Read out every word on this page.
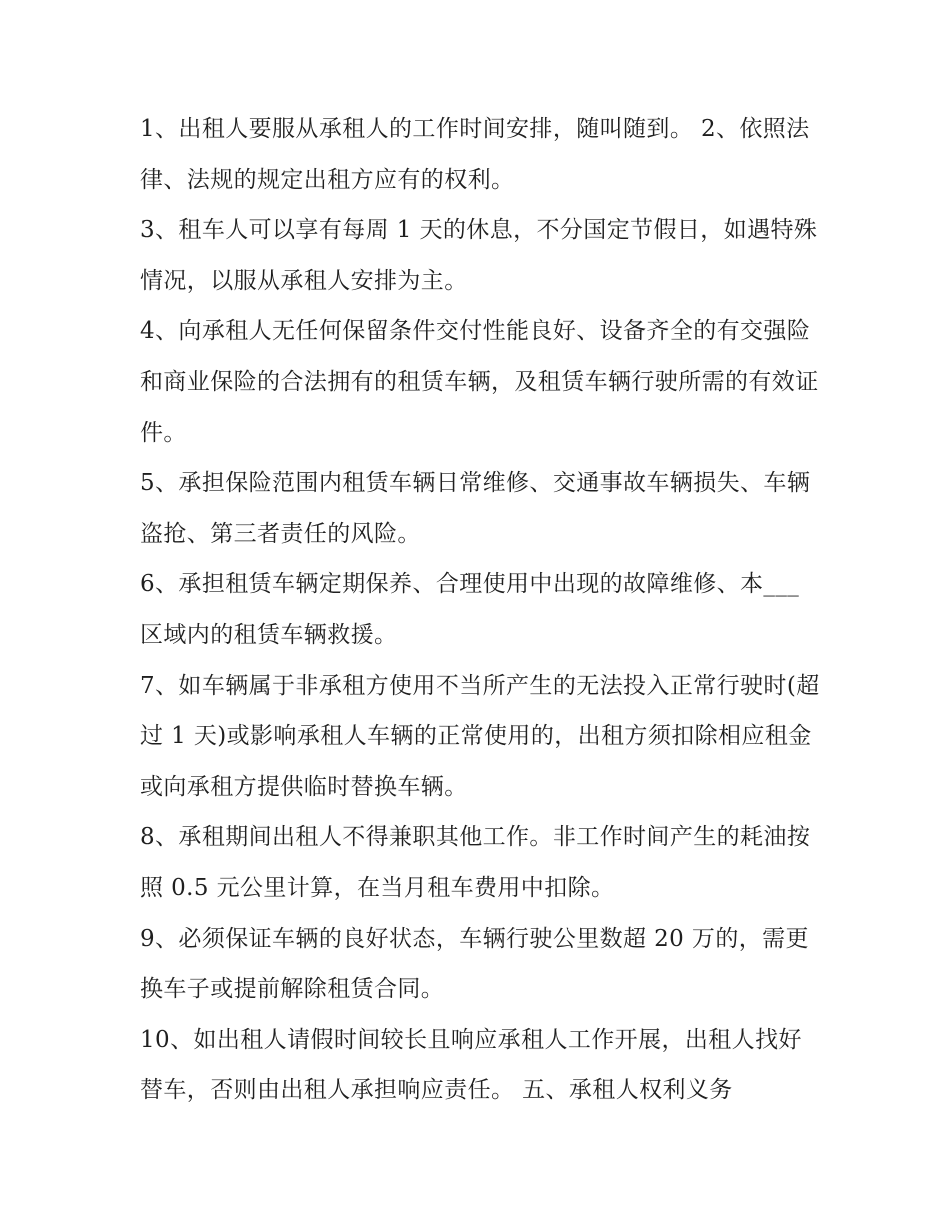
1、出租人要服从承租人的工作时间安排，随叫随到。 2、依照法律、法规的规定出租方应有的权利。

3、租车人可以享有每周 1 天的休息，不分国定节假日，如遇特殊情况，以服从承租人安排为主。

4、向承租人无任何保留条件交付性能良好、设备齐全的有交强险和商业保险的合法拥有的租赁车辆，及租赁车辆行驶所需的有效证件。

5、承担保险范围内租赁车辆日常维修、交通事故车辆损失、车辆盗抢、第三者责任的风险。

6、承担租赁车辆定期保养、合理使用中出现的故障维修、本___区域内的租赁车辆救援。

7、如车辆属于非承租方使用不当所产生的无法投入正常行驶时(超过 1 天)或影响承租人车辆的正常使用的，出租方须扣除相应租金或向承租方提供临时替换车辆。

8、承租期间出租人不得兼职其他工作。非工作时间产生的耗油按照 0.5 元公里计算，在当月租车费用中扣除。

9、必须保证车辆的良好状态，车辆行驶公里数超 20 万的，需更换车子或提前解除租赁合同。

10、如出租人请假时间较长且响应承租人工作开展，出租人找好替车，否则由出租人承担响应责任。 五、承租人权利义务
